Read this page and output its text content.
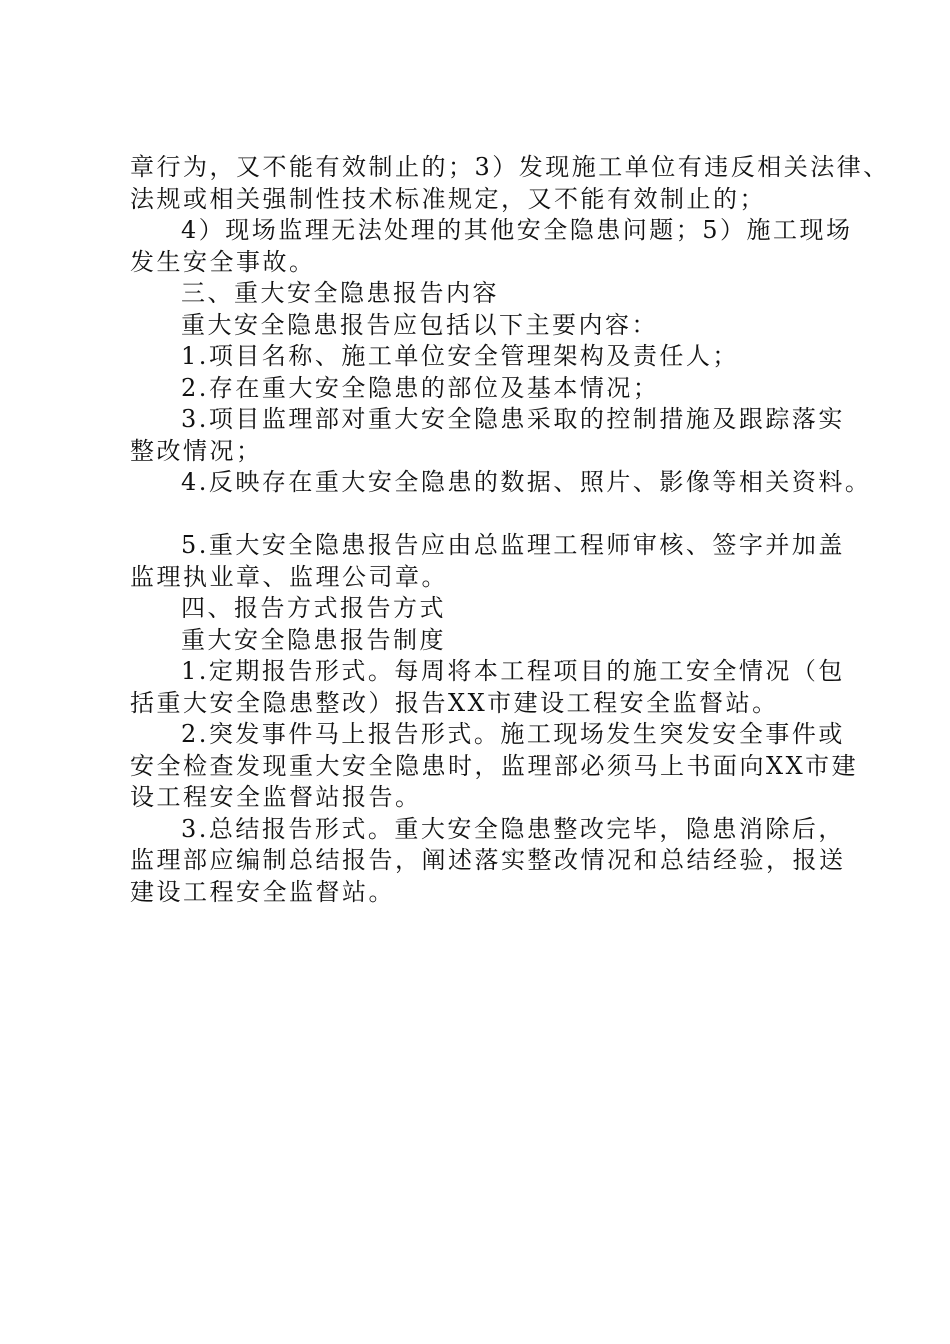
章行为，又不能有效制止的；3）发现施工单位有违反相关法律、
法规或相关强制性技术标准规定，又不能有效制止的；
4）现场监理无法处理的其他安全隐患问题；5）施工现场
发生安全事故。
三、重大安全隐患报告内容
重大安全隐患报告应包括以下主要内容：
1.项目名称、施工单位安全管理架构及责任人；
2.存在重大安全隐患的部位及基本情况；
3.项目监理部对重大安全隐患采取的控制措施及跟踪落实
整改情况；
4.反映存在重大安全隐患的数据、照片、影像等相关资料。
5.重大安全隐患报告应由总监理工程师审核、签字并加盖
监理执业章、监理公司章。
四、报告方式报告方式
重大安全隐患报告制度
1.定期报告形式。每周将本工程项目的施工安全情况（包
括重大安全隐患整改）报告XX市建设工程安全监督站。
2.突发事件马上报告形式。施工现场发生突发安全事件或
安全检查发现重大安全隐患时，监理部必须马上书面向XX市建
设工程安全监督站报告。
3.总结报告形式。重大安全隐患整改完毕，隐患消除后，
监理部应编制总结报告，阐述落实整改情况和总结经验，报送
建设工程安全监督站。
